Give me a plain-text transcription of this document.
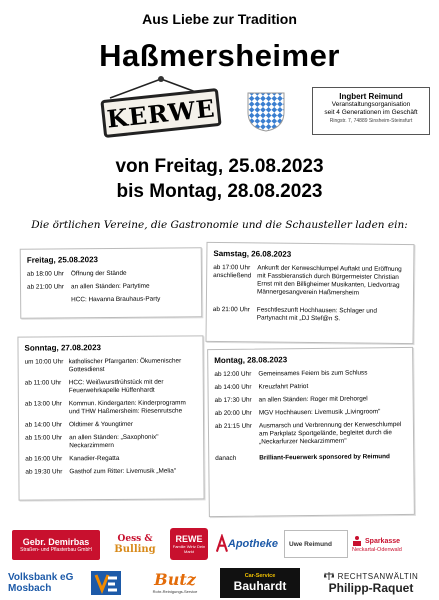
Aus Liebe zur Tradition
Haßmersheimer
KERWE	Ingbert Reimund
Veranstaltungsorganisation
seit 4 Generationen im Geschäft
Ringstr. 7, 74889 Sinsheim-Steinsfurt
von Freitag, 25.08.2023
bis Montag, 28.08.2023
Die örtlichen Vereine, die Gastronomie und die Schausteller laden ein:
Freitag, 25.08.2023
ab 18:00 Uhr	Öffnung der Stände
ab 21:00 Uhr	an allen Ständen: Partytime
HCC: Havanna Brauhaus-Party
Samstag, 26.08.2023
ab 17:00 Uhr anschließend
Ankunft der Kerweschlumpel Auftakt und Eröffnung mit Fassbieranstich durch Bürgermeister Christian Ernst mit den Billigheimer Musikanten, Liedvortrag Männergesangverein Haßmersheim
ab 21:00 Uhr	Feschtleszunft Hochhausen: Schlager und Partynacht mit „DJ Stef@n S.
Sonntag, 27.08.2023
um 10:00 Uhr katholischer Pfarrgarten: Ökumenischer Gottesdienst
ab 11:00 Uhr	HCC: Weißwurstfrühstück mit der Feuerwehrkapelle Hüffenhardt
ab 13:00 Uhr	Kommun. Kindergarten: Kinderprogramm und THW Haßmersheim: Riesenrutsche
ab 14:00 Uhr	Oldtimer & Youngtimer
ab 15:00 Uhr	an allen Ständen: „Saxophonix" Neckarzimmern
ab 16:00 Uhr	Kanadier-Regatta
ab 19:30 Uhr	Gasthof zum Ritter: Livemusik „Melia"
Montag, 28.08.2023
ab 12:00 Uhr	Gemeinsames Feiern bis zum Schluss
ab 14:00 Uhr	Kreuzfahrt Patriot
ab 17:30 Uhr	an allen Ständen: Roger mit Drehorgel
ab 20:00 Uhr	MGV Hochhausen: Livemusik „Livingroom"
ab 21:15 Uhr	Ausmarsch und Verbrennung der Kerweschlumpel am Parkplatz Sportgelände, begleitet durch die „Neckarfurzer Neckarzimmern"
danach	Brilliant-Feuerwerk sponsored by Reimund
Gebr. Demirbas
Straßen- und Pflasterbau GmbH
Oess &
Bulling
REWE
Familie Wirtz Dein Markt
Apotheke Uwe Reimund	Sparkasse
Neckartal-Odenwald
Volksbank eG
Mosbach	Butz
Rohr-Reinigungs-Service
Car-Service
Bauhardt
RECHTSANWÄLTIN
Philipp-Raquet
